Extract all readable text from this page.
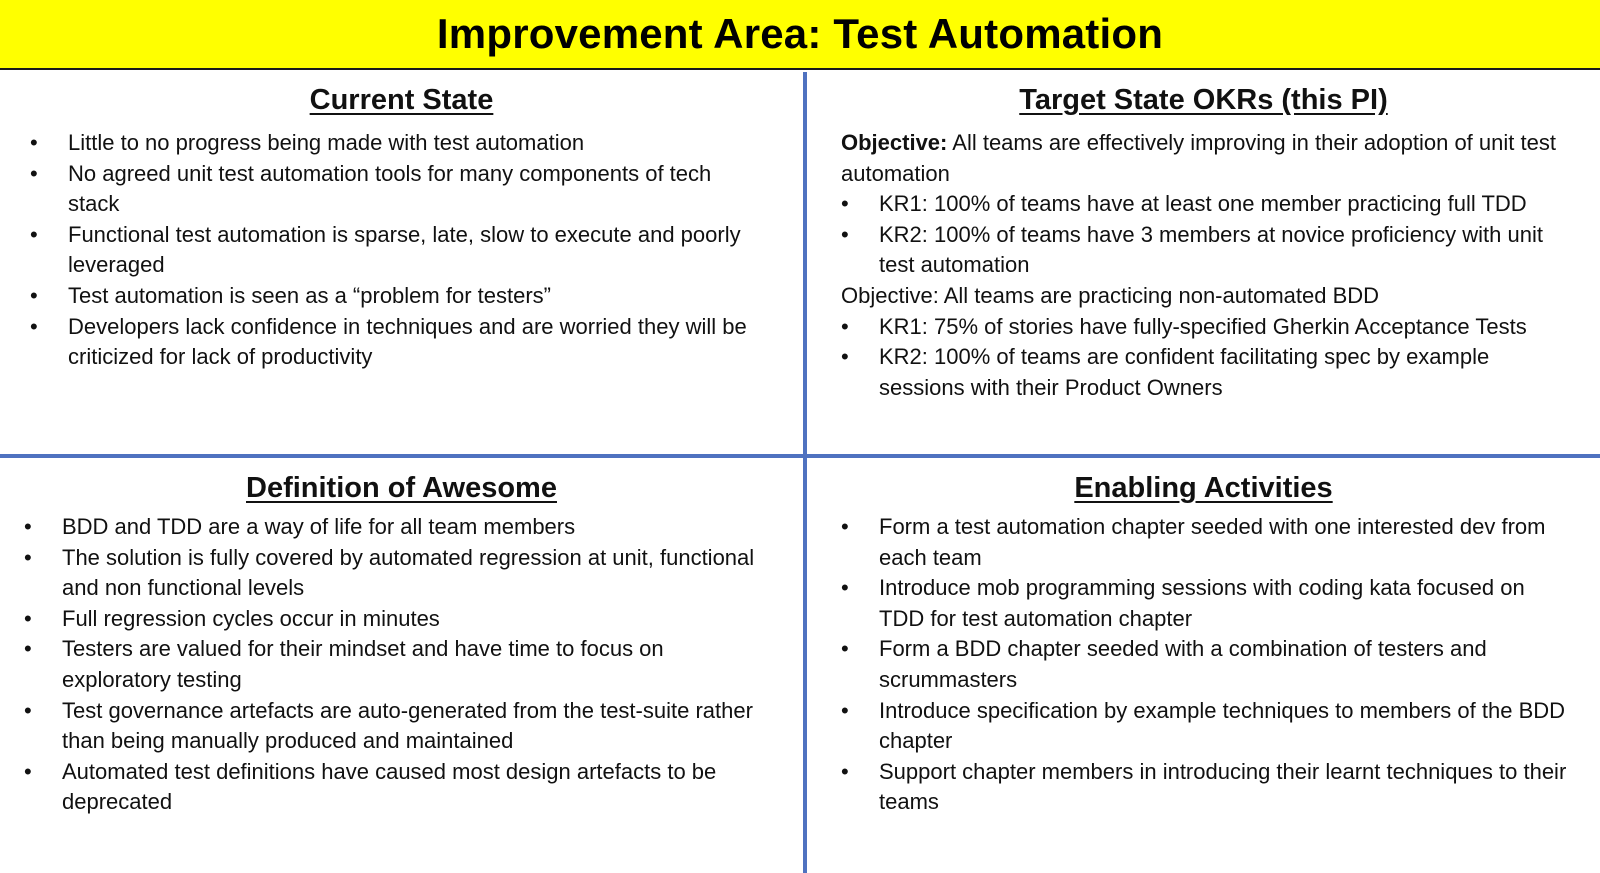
Improvement Area: Test Automation
Current State
• Little to no progress being made with test automation
• No agreed unit test automation tools for many components of tech stack
• Functional test automation is sparse, late, slow to execute and poorly leveraged
• Test automation is seen as a “problem for testers”
• Developers lack confidence in techniques and are worried they will be criticized for lack of productivity
Target State OKRs (this PI)

Objective: All teams are effectively improving in their adoption of unit test automation

• KR1: 100% of teams have at least one member practicing full TDD
• KR2: 100% of teams have 3 members at novice proficiency with unit test automation

Objective: All teams are practicing non-automated BDD

• KR1: 75% of stories have fully-specified Gherkin Acceptance Tests
• KR2: 100% of teams are confident facilitating spec by example sessions with their Product Owners
Definition of Awesome
• BDD and TDD are a way of life for all team members
• The solution is fully covered by automated regression at unit, functional and non functional levels
• Full regression cycles occur in minutes
• Testers are valued for their mindset and have time to focus on exploratory testing
• Test governance artefacts are auto-generated from the test-suite rather than being manually produced and maintained
• Automated test definitions have caused most design artefacts to be deprecated
Enabling Activities
• Form a test automation chapter seeded with one interested dev from each team
• Introduce mob programming sessions with coding kata focused on TDD for test automation chapter
• Form a BDD chapter seeded with a combination of testers and scrummasters
• Introduce specification by example techniques to members of the BDD chapter
• Support chapter members in introducing their learnt techniques to their teams
